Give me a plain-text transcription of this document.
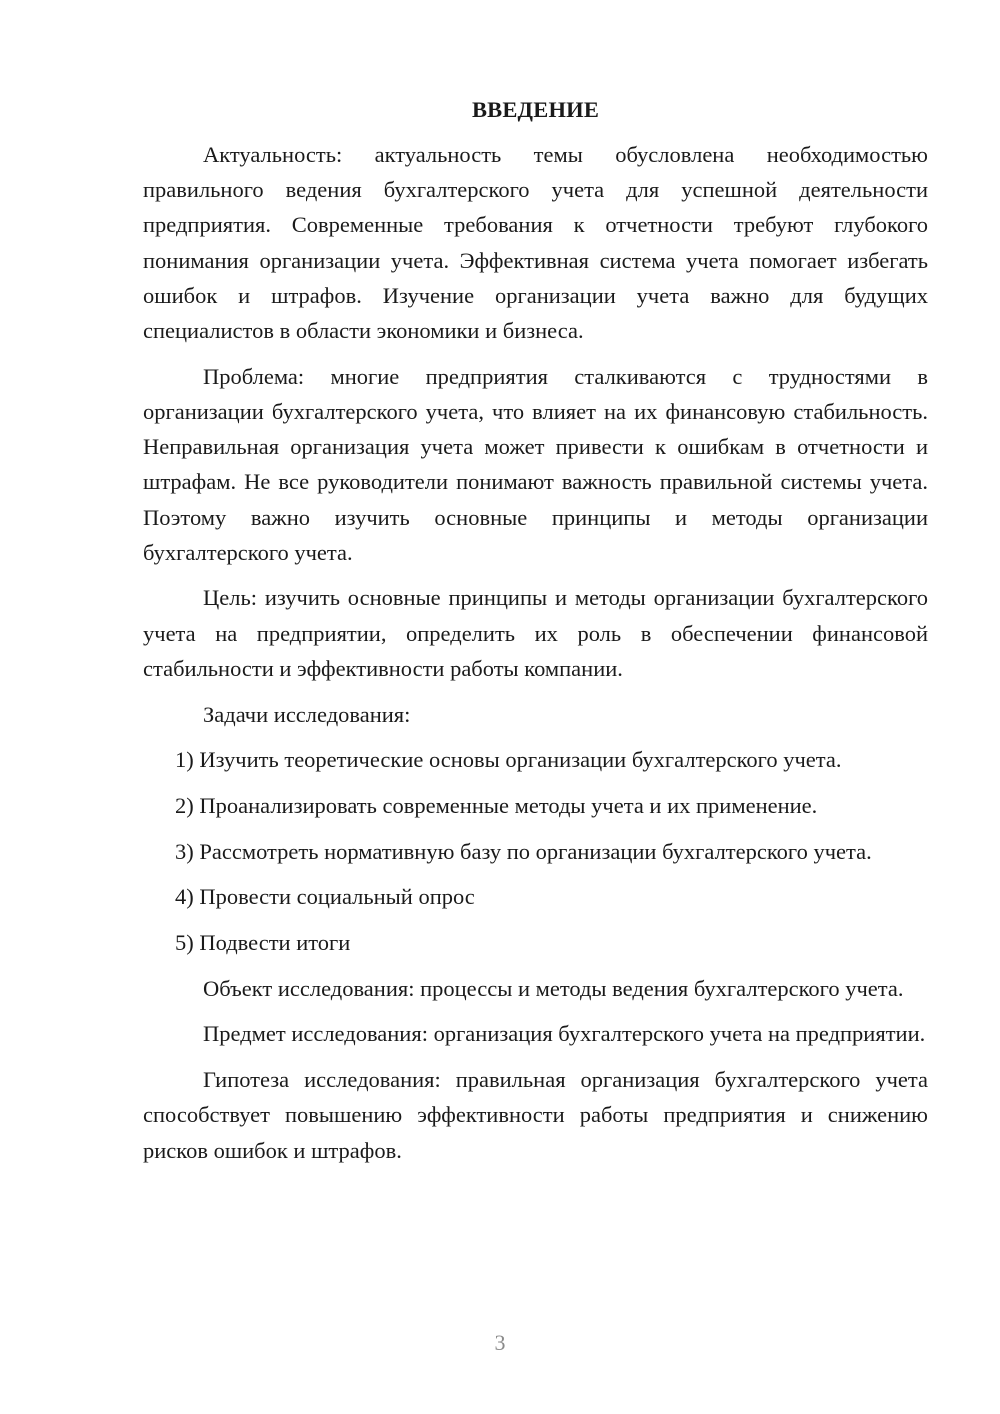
ВВЕДЕНИЕ

Актуальность: актуальность темы обусловлена необходимостью правильного ведения бухгалтерского учета для успешной деятельности предприятия. Современные требования к отчетности требуют глубокого понимания организации учета. Эффективная система учета помогает избегать ошибок и штрафов. Изучение организации учета важно для будущих специалистов в области экономики и бизнеса.

Проблема: многие предприятия сталкиваются с трудностями в организации бухгалтерского учета, что влияет на их финансовую стабильность. Неправильная организация учета может привести к ошибкам в отчетности и штрафам. Не все руководители понимают важность правильной системы учета. Поэтому важно изучить основные принципы и методы организации бухгалтерского учета.

Цель: изучить основные принципы и методы организации бухгалтерского учета на предприятии, определить их роль в обеспечении финансовой стабильности и эффективности работы компании.

Задачи исследования:

1) Изучить теоретические основы организации бухгалтерского учета.

2) Проанализировать современные методы учета и их применение.

3) Рассмотреть нормативную базу по организации бухгалтерского учета.

4) Провести социальный опрос

5) Подвести итоги

Объект исследования: процессы и методы ведения бухгалтерского учета.

Предмет исследования: организация бухгалтерского учета на предприятии.

Гипотеза исследования: правильная организация бухгалтерского учета способствует повышению эффективности работы предприятия и снижению рисков ошибок и штрафов.

3
